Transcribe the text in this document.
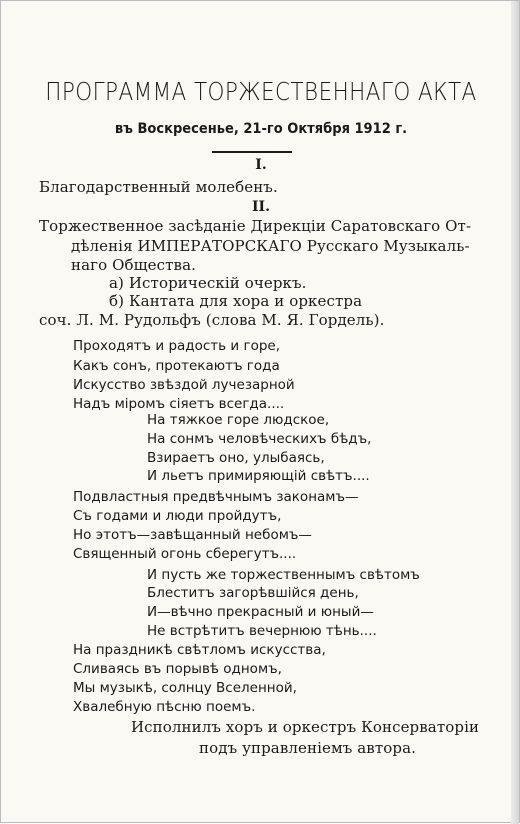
ПРОГРАММА ТОРЖЕСТВЕННАГО АКТА
въ Воскресенье, 21-го Октября 1912 г.
I.
Благодарственный молебенъ.
II.
Торжественное засѣданіе Дирекціи Саратовскаго От-
дѣленія ИМПЕРАТОРСКАГО Русскаго Музыкаль-
наго Общества.
а) Историческій очеркъ.
б) Кантата для хора и оркестра
соч. Л. М. Рудольфъ (слова М. Я. Гордель).
Проходятъ и радость и горе,
Какъ сонъ, протекаютъ года
Искусство звѣздой лучезарной
Надъ міромъ сіяетъ всегда....
На тяжкое горе людское,
На сонмъ человѣческихъ бѣдъ,
Взираетъ оно, улыбаясь,
И льетъ примиряющій свѣтъ....
Подвластныя предвѣчнымъ законамъ—
Съ годами и люди пройдутъ,
Но этотъ—завѣщанный небомъ—
Священный огонь сберегутъ....
И пусть же торжественнымъ свѣтомъ
Блеститъ загорѣвшійся день,
И—вѣчно прекрасный и юный—
Не встрѣтитъ вечернюю тѣнь....
На праздникѣ свѣтломъ искусства,
Сливаясь въ порывѣ одномъ,
Мы музыкѣ, солнцу Вселенной,
Хвалебную пѣсню поемъ.
Исполнилъ хоръ и оркестръ Консерваторіи
подъ управленіемъ автора.
